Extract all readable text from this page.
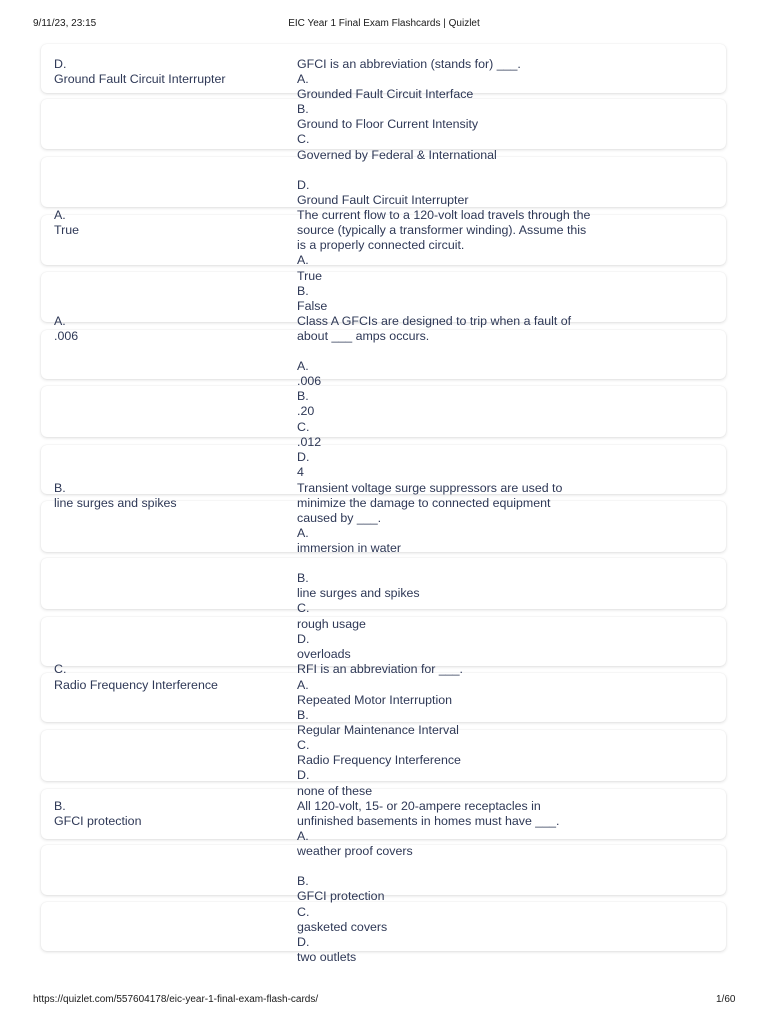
9/11/23, 23:15	EIC Year 1 Final Exam Flashcards | Quizlet
D.
Ground Fault Circuit Interrupter
GFCI is an abbreviation (stands for) ___.
A.
Grounded Fault Circuit Interface
B.
Ground to Floor Current Intensity
C.
Governed by Federal & International
D.
Ground Fault Circuit Interrupter
A.
True
The current flow to a 120-volt load travels through the
source (typically a transformer winding). Assume this
is a properly connected circuit.
A.
True
B.
False
A.
.006
Class A GFCIs are designed to trip when a fault of
about ___ amps occurs.
A.
.006
B.
.20
C.
.012
D.
4
B.
line surges and spikes
Transient voltage surge suppressors are used to
minimize the damage to connected equipment
caused by ___.
A.
immersion in water
B.
line surges and spikes
C.
rough usage
D.
overloads
C.
Radio Frequency Interference
RFI is an abbreviation for ___.
A.
Repeated Motor Interruption
B.
Regular Maintenance Interval
C.
Radio Frequency Interference
D.
none of these
B.
GFCI protection
All 120-volt, 15- or 20-ampere receptacles in
unfinished basements in homes must have ___.
A.
weather proof covers
B.
GFCI protection
C.
gasketed covers
D.
two outlets
https://quizlet.com/557604178/eic-year-1-final-exam-flash-cards/	1/60
